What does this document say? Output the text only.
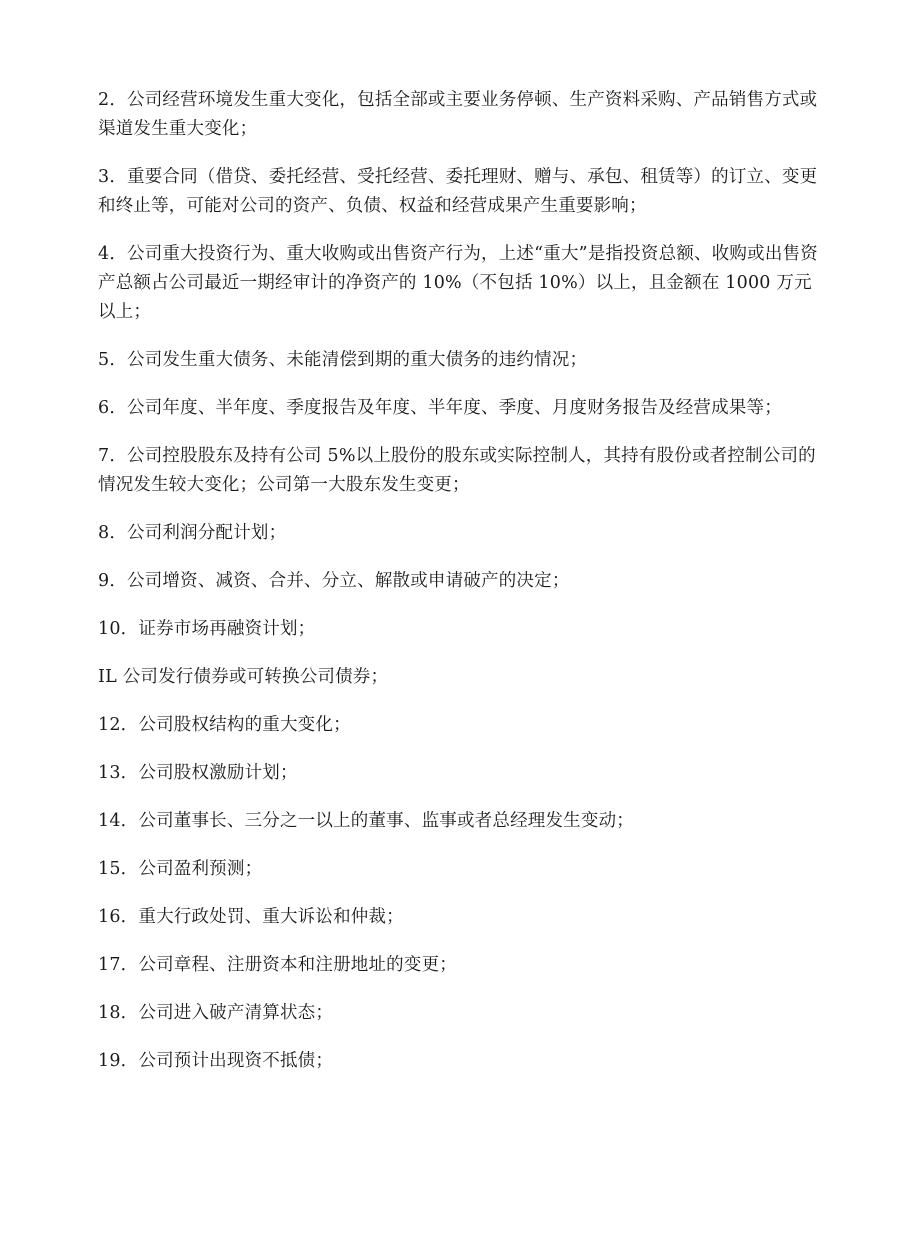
2．公司经营环境发生重大变化，包括全部或主要业务停顿、生产资料采购、产品销售方式或渠道发生重大变化；

3．重要合同（借贷、委托经营、受托经营、委托理财、赠与、承包、租赁等）的订立、变更和终止等，可能对公司的资产、负债、权益和经营成果产生重要影响；

4．公司重大投资行为、重大收购或出售资产行为，上述“重大”是指投资总额、收购或出售资产总额占公司最近一期经审计的净资产的 10%（不包括 10%）以上，且金额在 1000 万元以上；

5．公司发生重大债务、未能清偿到期的重大债务的违约情况；

6．公司年度、半年度、季度报告及年度、半年度、季度、月度财务报告及经营成果等；

7．公司控股股东及持有公司 5%以上股份的股东或实际控制人，其持有股份或者控制公司的情况发生较大变化；公司第一大股东发生变更；

8．公司利润分配计划；

9．公司增资、减资、合并、分立、解散或申请破产的决定；

10．证券市场再融资计划；

IL 公司发行债券或可转换公司债券；

12．公司股权结构的重大变化；

13．公司股权激励计划；

14．公司董事长、三分之一以上的董事、监事或者总经理发生变动；

15．公司盈利预测；

16．重大行政处罚、重大诉讼和仲裁；

17．公司章程、注册资本和注册地址的变更；

18．公司进入破产清算状态；

19．公司预计出现资不抵债；
